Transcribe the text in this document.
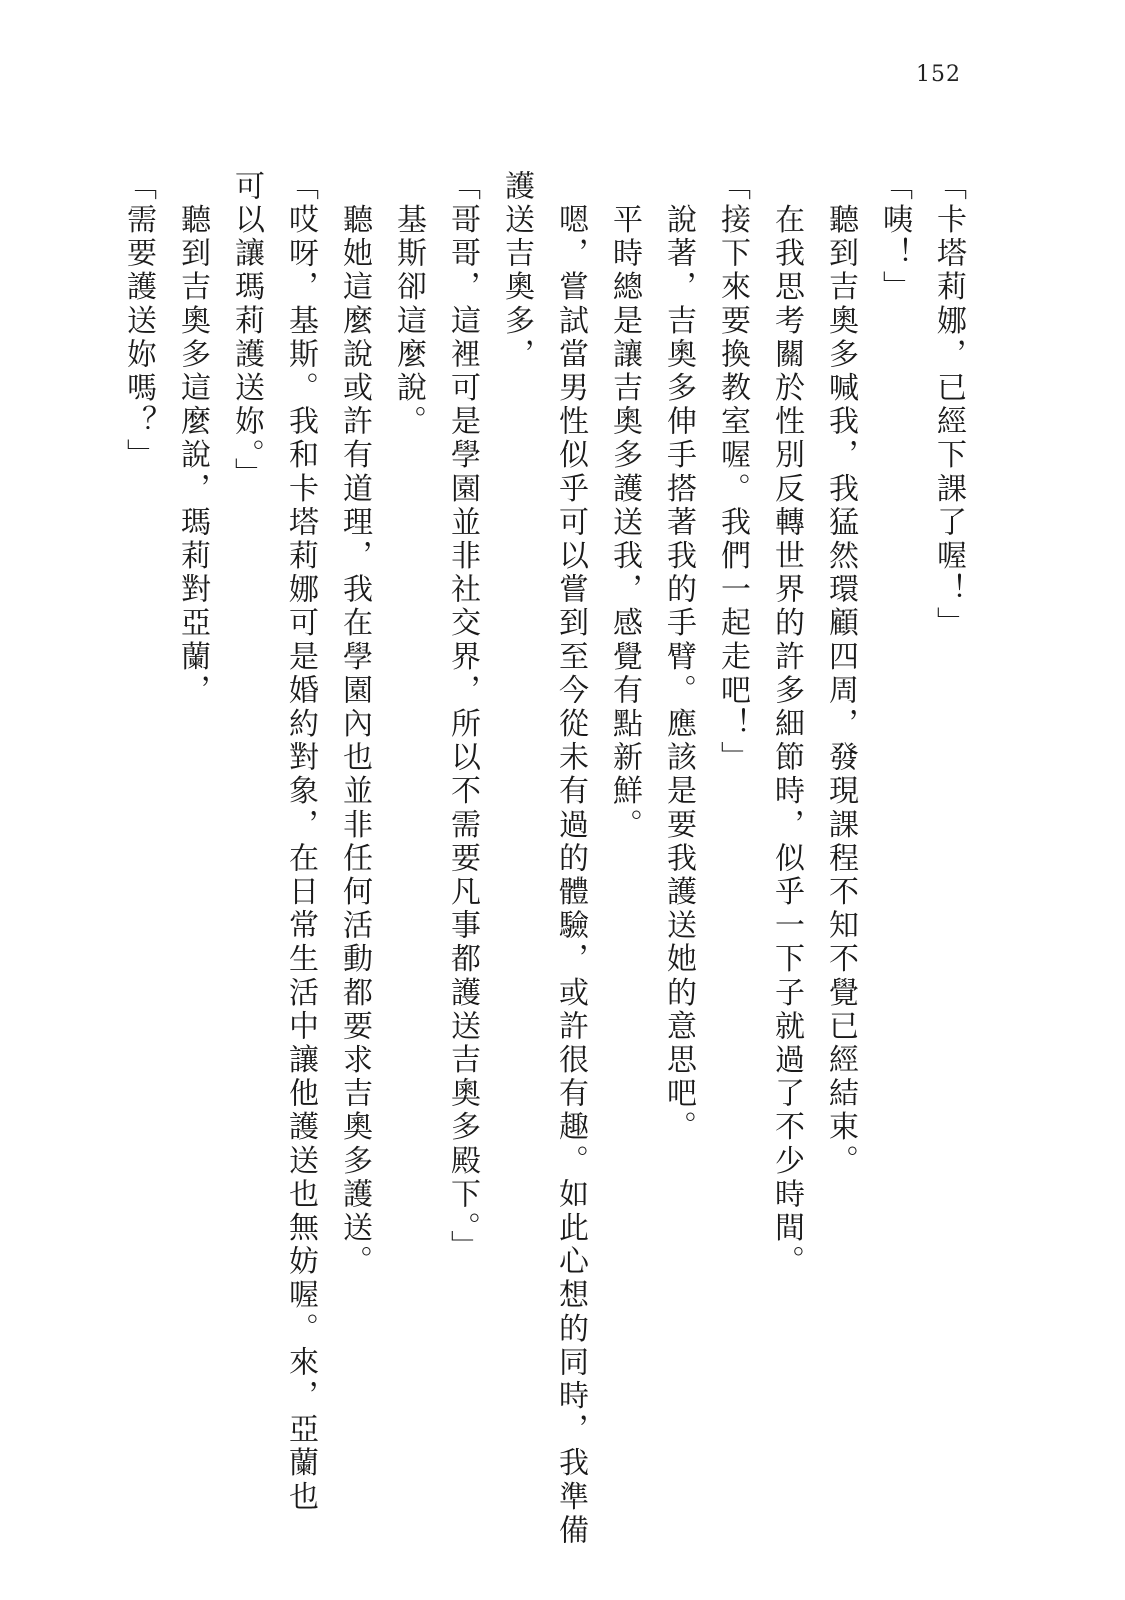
152
「卡塔莉娜，已經下課了喔！」
「咦！」
　聽到吉奧多喊我，我猛然環顧四周，發現課程不知不覺已經結束。
　在我思考關於性別反轉世界的許多細節時，似乎一下子就過了不少時間。
「接下來要換教室喔。我們一起走吧！」
　說著，吉奧多伸手搭著我的手臂。應該是要我護送她的意思吧。
　平時總是讓吉奧多護送我，感覺有點新鮮。
　嗯，嘗試當男性似乎可以嘗到至今從未有過的體驗，或許很有趣。如此心想的同時，我準備
護送吉奧多，
「哥哥，這裡可是學園並非社交界，所以不需要凡事都護送吉奧多殿下。」
　基斯卻這麼說。
　聽她這麼說或許有道理，我在學園內也並非任何活動都要求吉奧多護送。
「哎呀，基斯。我和卡塔莉娜可是婚約對象，在日常生活中讓他護送也無妨喔。來，亞蘭也
可以讓瑪莉護送妳。」
　聽到吉奧多這麼說，瑪莉對亞蘭，
「需要護送妳嗎？」
